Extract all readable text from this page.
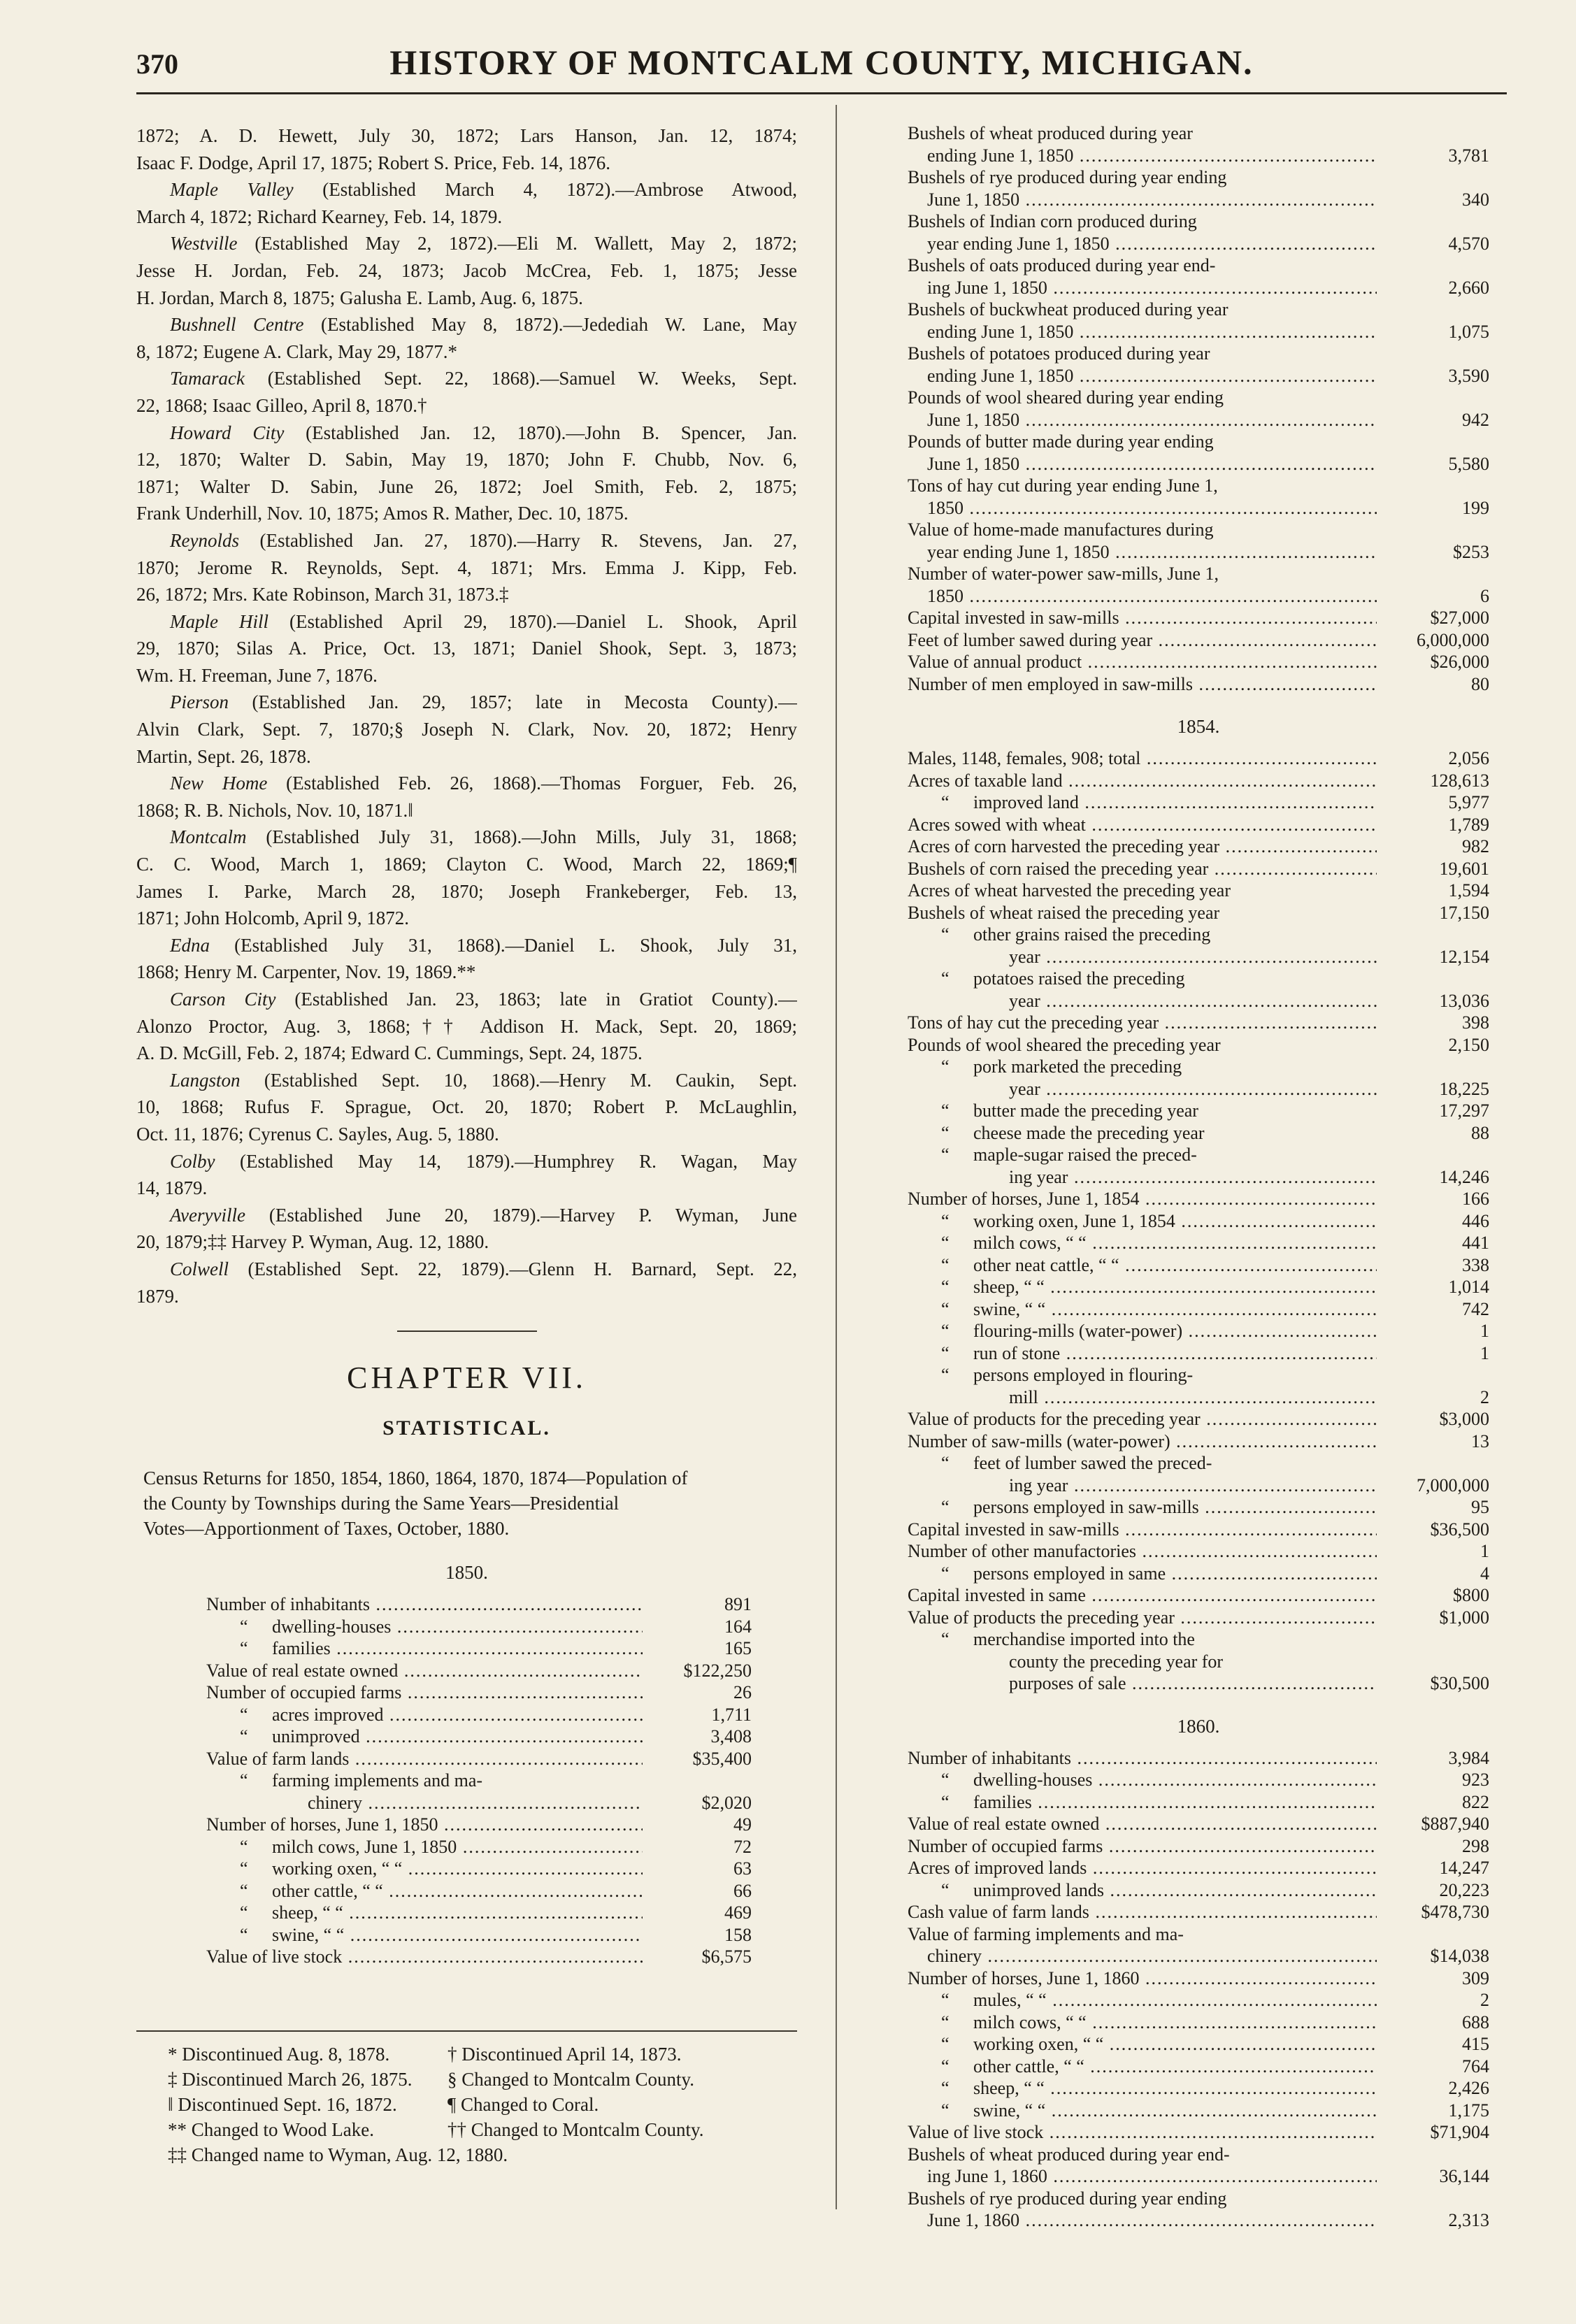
HISTORY OF MONTCALM COUNTY, MICHIGAN.
370
1872; A. D. Hewett, July 30, 1872; Lars Hanson, Jan. 12, 1874;
Isaac F. Dodge, April 17, 1875; Robert S. Price, Feb. 14, 1876.
Maple Valley (Established March 4, 1872).—Ambrose Atwood,
March 4, 1872; Richard Kearney, Feb. 14, 1879.
Westville (Established May 2, 1872).—Eli M. Wallett, May 2, 1872;
Jesse H. Jordan, Feb. 24, 1873; Jacob McCrea, Feb. 1, 1875; Jesse
H. Jordan, March 8, 1875; Galusha E. Lamb, Aug. 6, 1875.
Bushnell Centre (Established May 8, 1872).—Jedediah W. Lane, May
8, 1872; Eugene A. Clark, May 29, 1877.*
Tamarack (Established Sept. 22, 1868).—Samuel W. Weeks, Sept.
22, 1868; Isaac Gilleo, April 8, 1870.†
Howard City (Established Jan. 12, 1870).—John B. Spencer, Jan.
12, 1870; Walter D. Sabin, May 19, 1870; John F. Chubb, Nov. 6,
1871; Walter D. Sabin, June 26, 1872; Joel Smith, Feb. 2, 1875;
Frank Underhill, Nov. 10, 1875; Amos R. Mather, Dec. 10, 1875.
Reynolds (Established Jan. 27, 1870).—Harry R. Stevens, Jan. 27,
1870; Jerome R. Reynolds, Sept. 4, 1871; Mrs. Emma J. Kipp, Feb.
26, 1872; Mrs. Kate Robinson, March 31, 1873.‡
Maple Hill (Established April 29, 1870).—Daniel L. Shook, April
29, 1870; Silas A. Price, Oct. 13, 1871; Daniel Shook, Sept. 3, 1873;
Wm. H. Freeman, June 7, 1876.
Pierson (Established Jan. 29, 1857; late in Mecosta County).—
Alvin Clark, Sept. 7, 1870;§ Joseph N. Clark, Nov. 20, 1872; Henry
Martin, Sept. 26, 1878.
New Home (Established Feb. 26, 1868).—Thomas Forguer, Feb. 26,
1868; R. B. Nichols, Nov. 10, 1871.‖
Montcalm (Established July 31, 1868).—John Mills, July 31, 1868;
C. C. Wood, March 1, 1869; Clayton C. Wood, March 22, 1869;¶
James I. Parke, March 28, 1870; Joseph Frankeberger, Feb. 13,
1871; John Holcomb, April 9, 1872.
Edna (Established July 31, 1868).—Daniel L. Shook, July 31,
1868; Henry M. Carpenter, Nov. 19, 1869.**
Carson City (Established Jan. 23, 1863; late in Gratiot County).—
Alonzo Proctor, Aug. 3, 1868;†† Addison H. Mack, Sept. 20, 1869;
A. D. McGill, Feb. 2, 1874; Edward C. Cummings, Sept. 24, 1875.
Langston (Established Sept. 10, 1868).—Henry M. Caukin, Sept.
10, 1868; Rufus F. Sprague, Oct. 20, 1870; Robert P. McLaughlin,
Oct. 11, 1876; Cyrenus C. Sayles, Aug. 5, 1880.
Colby (Established May 14, 1879).—Humphrey R. Wagan, May
14, 1879.
Averyville (Established June 20, 1879).—Harvey P. Wyman, June
20, 1879;‡‡ Harvey P. Wyman, Aug. 12, 1880.
Colwell (Established Sept. 22, 1879).—Glenn H. Barnard, Sept. 22,
1879.
CHAPTER VII.
STATISTICAL.
Census Returns for 1850, 1854, 1860, 1864, 1870, 1874—Population of
the County by Townships during the Same Years—Presidential
Votes—Apportionment of Taxes, October, 1880.
1850.
Number of inhabitants .....	891
“ dwelling-houses .....	164
“ families .....	165
Value of real estate owned .....	$122,250
Number of occupied farms .....	26
“ acres improved .....	1,711
“ unimproved .....	3,408
Value of farm lands .....	$35,400
“ farming implements and ma-
chinery .....	$2,020
Number of horses, June 1, 1850 .....	49
“ milch cows, June 1, 1850 .....	72
“ working oxen, “ “ .....	63
“ other cattle, “ “ .....	66
“ sheep, “ “ .....	469
“ swine, “ “ .....	158
Value of live stock .....	$6,575
* Discontinued Aug. 8, 1878.	† Discontinued April 14, 1873.
‡ Discontinued March 26, 1875.	§ Changed to Montcalm County.
‖ Discontinued Sept. 16, 1872.	¶ Changed to Coral.
** Changed to Wood Lake.	†† Changed to Montcalm County.
‡‡ Changed name to Wyman, Aug. 12, 1880.
Bushels of wheat produced during year
ending June 1, 1850 .....	3,781
Bushels of rye produced during year ending
June 1, 1850 .....	340
Bushels of Indian corn produced during
year ending June 1, 1850 .....	4,570
Bushels of oats produced during year end-
ing June 1, 1850 .....	2,660
Bushels of buckwheat produced during year
ending June 1, 1850 .....	1,075
Bushels of potatoes produced during year
ending June 1, 1850 .....	3,590
Pounds of wool sheared during year ending
June 1, 1850 .....	942
Pounds of butter made during year ending
June 1, 1850 .....	5,580
Tons of hay cut during year ending June 1,
1850 .....	199
Value of home-made manufactures during
year ending June 1, 1850 .....	$253
Number of water-power saw-mills, June 1,
1850 .....	6
Capital invested in saw-mills .....	$27,000
Feet of lumber sawed during year .....	6,000,000
Value of annual product .....	$26,000
Number of men employed in saw-mills .....	80
1854.
Males, 1148, females, 908; total .....	2,056
Acres of taxable land .....	128,613
“ improved land .....	5,977
Acres sowed with wheat .....	1,789
Acres of corn harvested the preceding year .....	982
Bushels of corn raised the preceding year .....	19,601
Acres of wheat harvested the preceding year	1,594
Bushels of wheat raised the preceding year	17,150
“ other grains raised the preceding
year .....	12,154
“ potatoes raised the preceding
year .....	13,036
Tons of hay cut the preceding year .....	398
Pounds of wool sheared the preceding year	2,150
“ pork marketed the preceding
year .....	18,225
“ butter made the preceding year	17,297
“ cheese made the preceding year	88
“ maple-sugar raised the preced-
ing year .....	14,246
Number of horses, June 1, 1854 .....	166
“ working oxen, June 1, 1854 .....	446
“ milch cows, “ “ .....	441
“ other neat cattle, “ “ .....	338
“ sheep, “ “ .....	1,014
“ swine, “ “ .....	742
“ flouring-mills (water-power) .....	1
“ run of stone .....	1
“ persons employed in flouring-
mill .....	2
Value of products for the preceding year .....	$3,000
Number of saw-mills (water-power) .....	13
“ feet of lumber sawed the preced-
ing year .....	7,000,000
“ persons employed in saw-mills .....	95
Capital invested in saw-mills .....	$36,500
Number of other manufactories .....	1
“ persons employed in same .....	4
Capital invested in same .....	$800
Value of products the preceding year .....	$1,000
“ merchandise imported into the
county the preceding year for
purposes of sale .....	$30,500
1860.
Number of inhabitants .....	3,984
“ dwelling-houses .....	923
“ families .....	822
Value of real estate owned .....	$887,940
Number of occupied farms .....	298
Acres of improved lands .....	14,247
“ unimproved lands .....	20,223
Cash value of farm lands .....	$478,730
Value of farming implements and ma-
chinery .....	$14,038
Number of horses, June 1, 1860 .....	309
“ mules, “ “ .....	2
“ milch cows, “ “ .....	688
“ working oxen, “ “ .....	415
“ other cattle, “ “ .....	764
“ sheep, “ “ .....	2,426
“ swine, “ “ .....	1,175
Value of live stock .....	$71,904
Bushels of wheat produced during year end-
ing June 1, 1860 .....	36,144
Bushels of rye produced during year ending
June 1, 1860 .....	2,313
